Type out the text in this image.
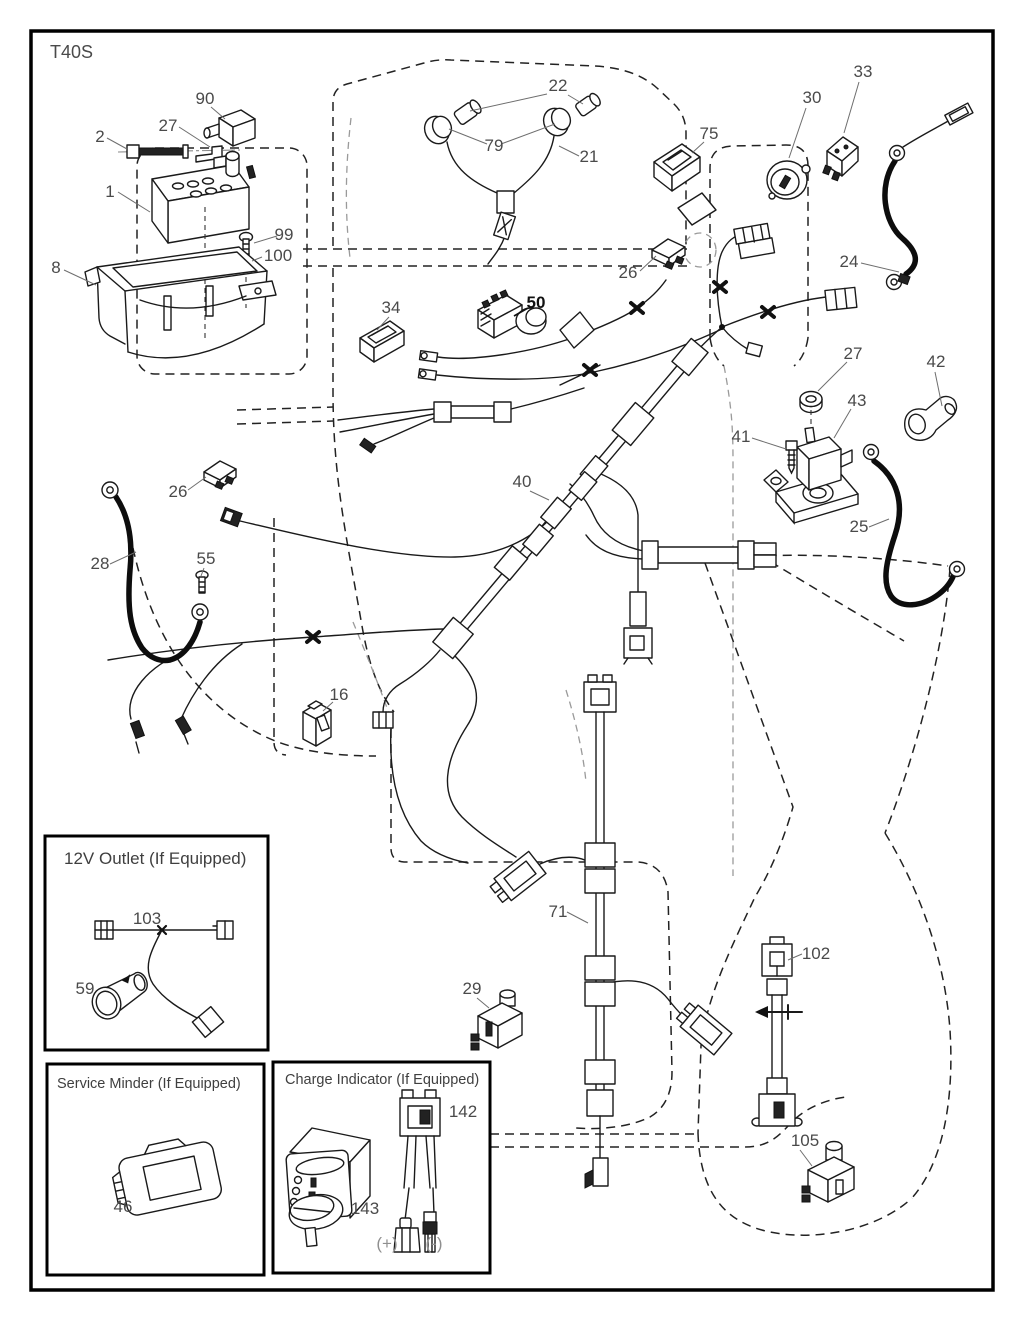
T40S
12V Outlet (If Equipped)
Service Minder (If Equipped)	Charge Indicator (If Equipped)
90
2
27
1
99
100
8
22
79
21
33
30
75
24
26
34	50
27	42
43
41
25
40
26
28	55
16
71
29
102
105
103
59
46
142
143
(+) (-)
